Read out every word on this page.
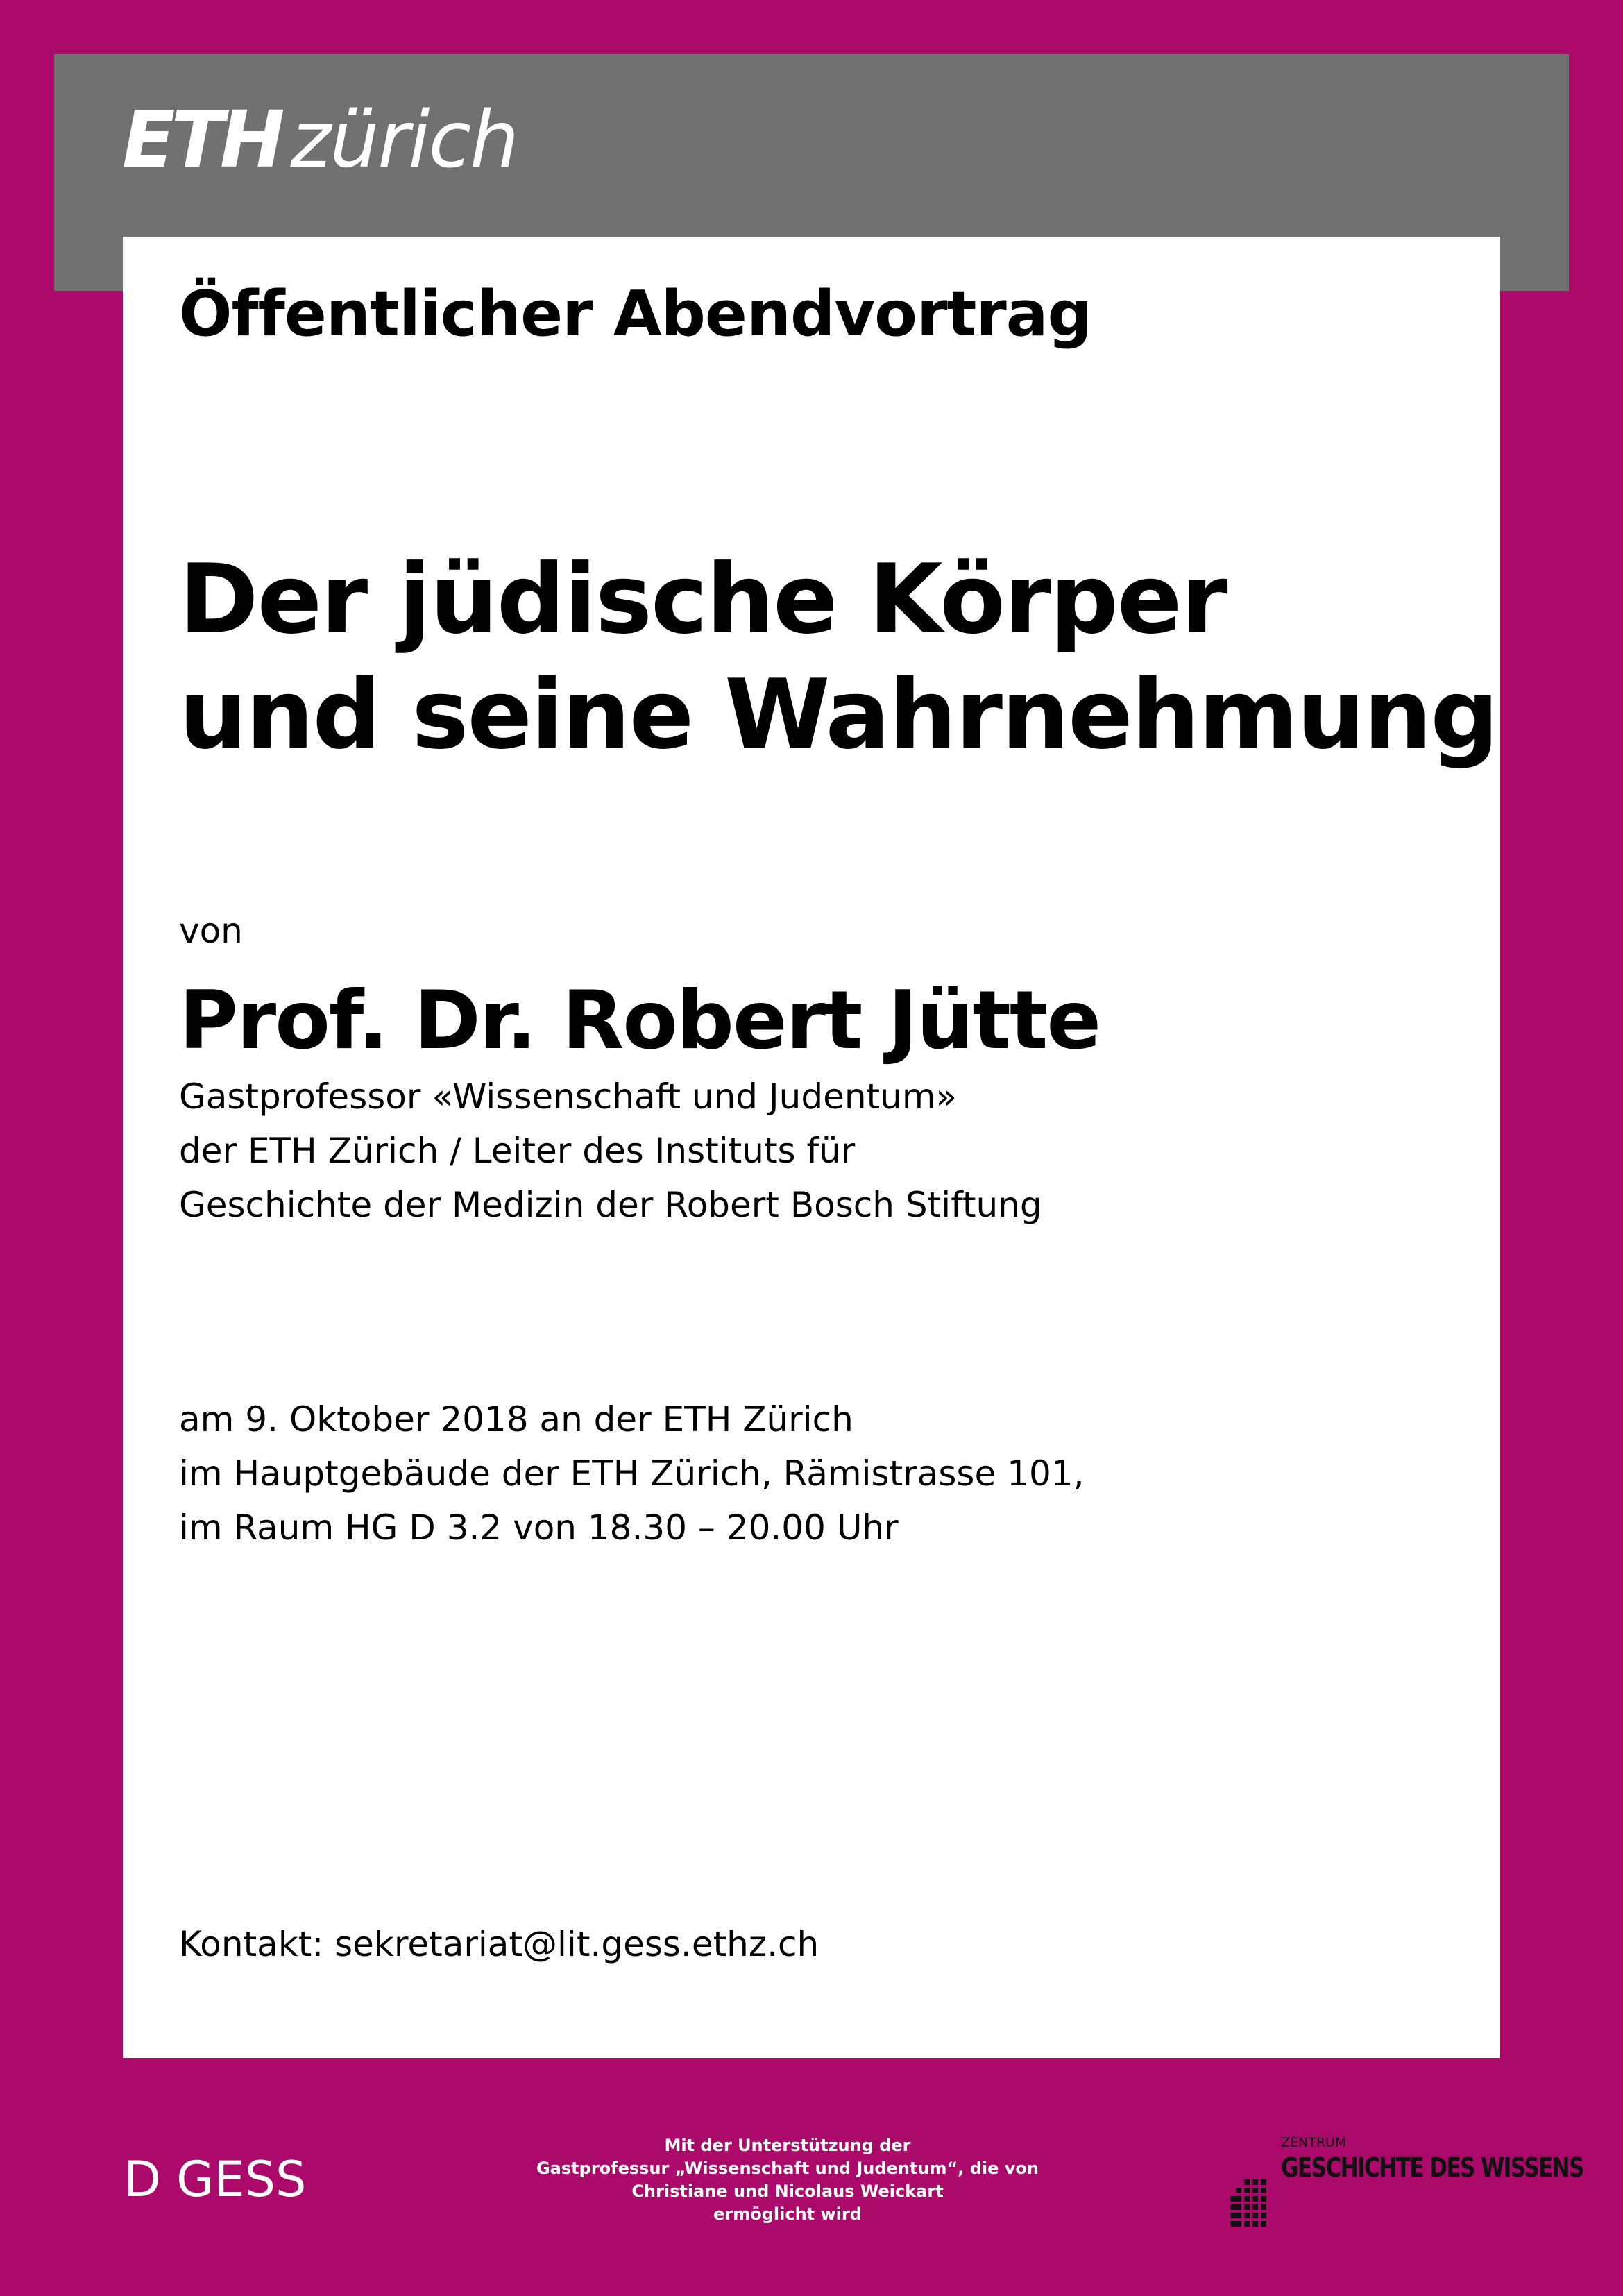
ETH zürich
Öffentlicher Abendvortrag
Der jüdische Körper
und seine Wahrnehmung
von
Prof. Dr. Robert Jütte
Gastprofessor «Wissenschaft und Judentum»
der ETH Zürich / Leiter des Instituts für
Geschichte der Medizin der Robert Bosch Stiftung
am 9. Oktober 2018 an der ETH Zürich
im Hauptgebäude der ETH Zürich, Rämistrasse 101,
im Raum HG D 3.2 von 18.30 – 20.00 Uhr
Kontakt: sekretariat@lit.gess.ethz.ch
D GESS
Mit der Unterstützung der
Gastprofessur „Wissenschaft und Judentum“, die von
Christiane und Nicolaus Weickart
ermöglicht wird
ZENTRUM
GESCHICHTE DES WISSENS
